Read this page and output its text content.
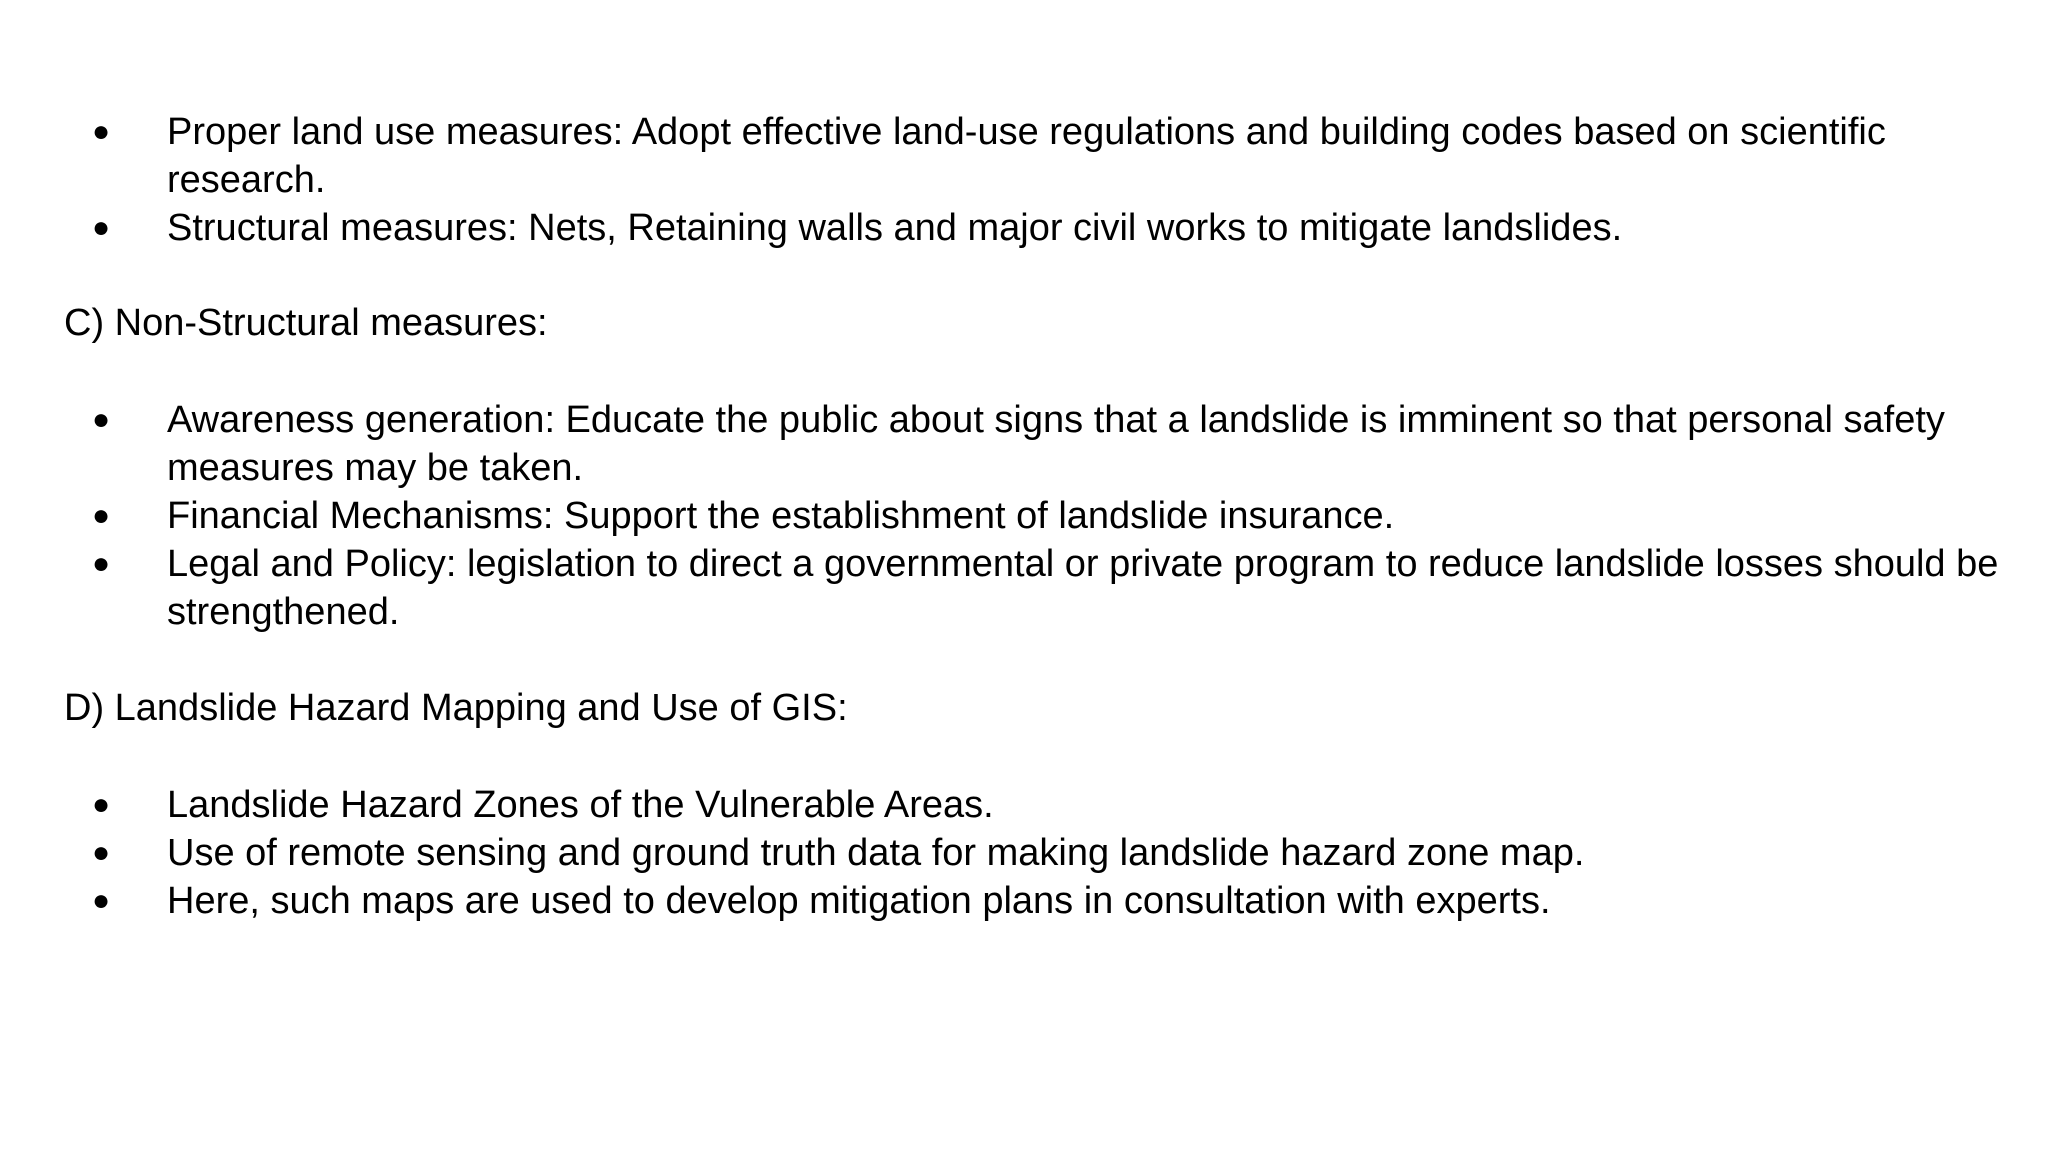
● Proper land use measures: Adopt effective land-use regulations and building codes based on scientific research.
● Structural measures: Nets, Retaining walls and major civil works to mitigate landslides.
C) Non-Structural measures:
● Awareness generation: Educate the public about signs that a landslide is imminent so that personal safety measures may be taken.
● Financial Mechanisms: Support the establishment of landslide insurance.
● Legal and Policy: legislation to direct a governmental or private program to reduce landslide losses should be strengthened.
D) Landslide Hazard Mapping and Use of GIS:
● Landslide Hazard Zones of the Vulnerable Areas.
● Use of remote sensing and ground truth data for making landslide hazard zone map.
● Here, such maps are used to develop mitigation plans in consultation with experts.
